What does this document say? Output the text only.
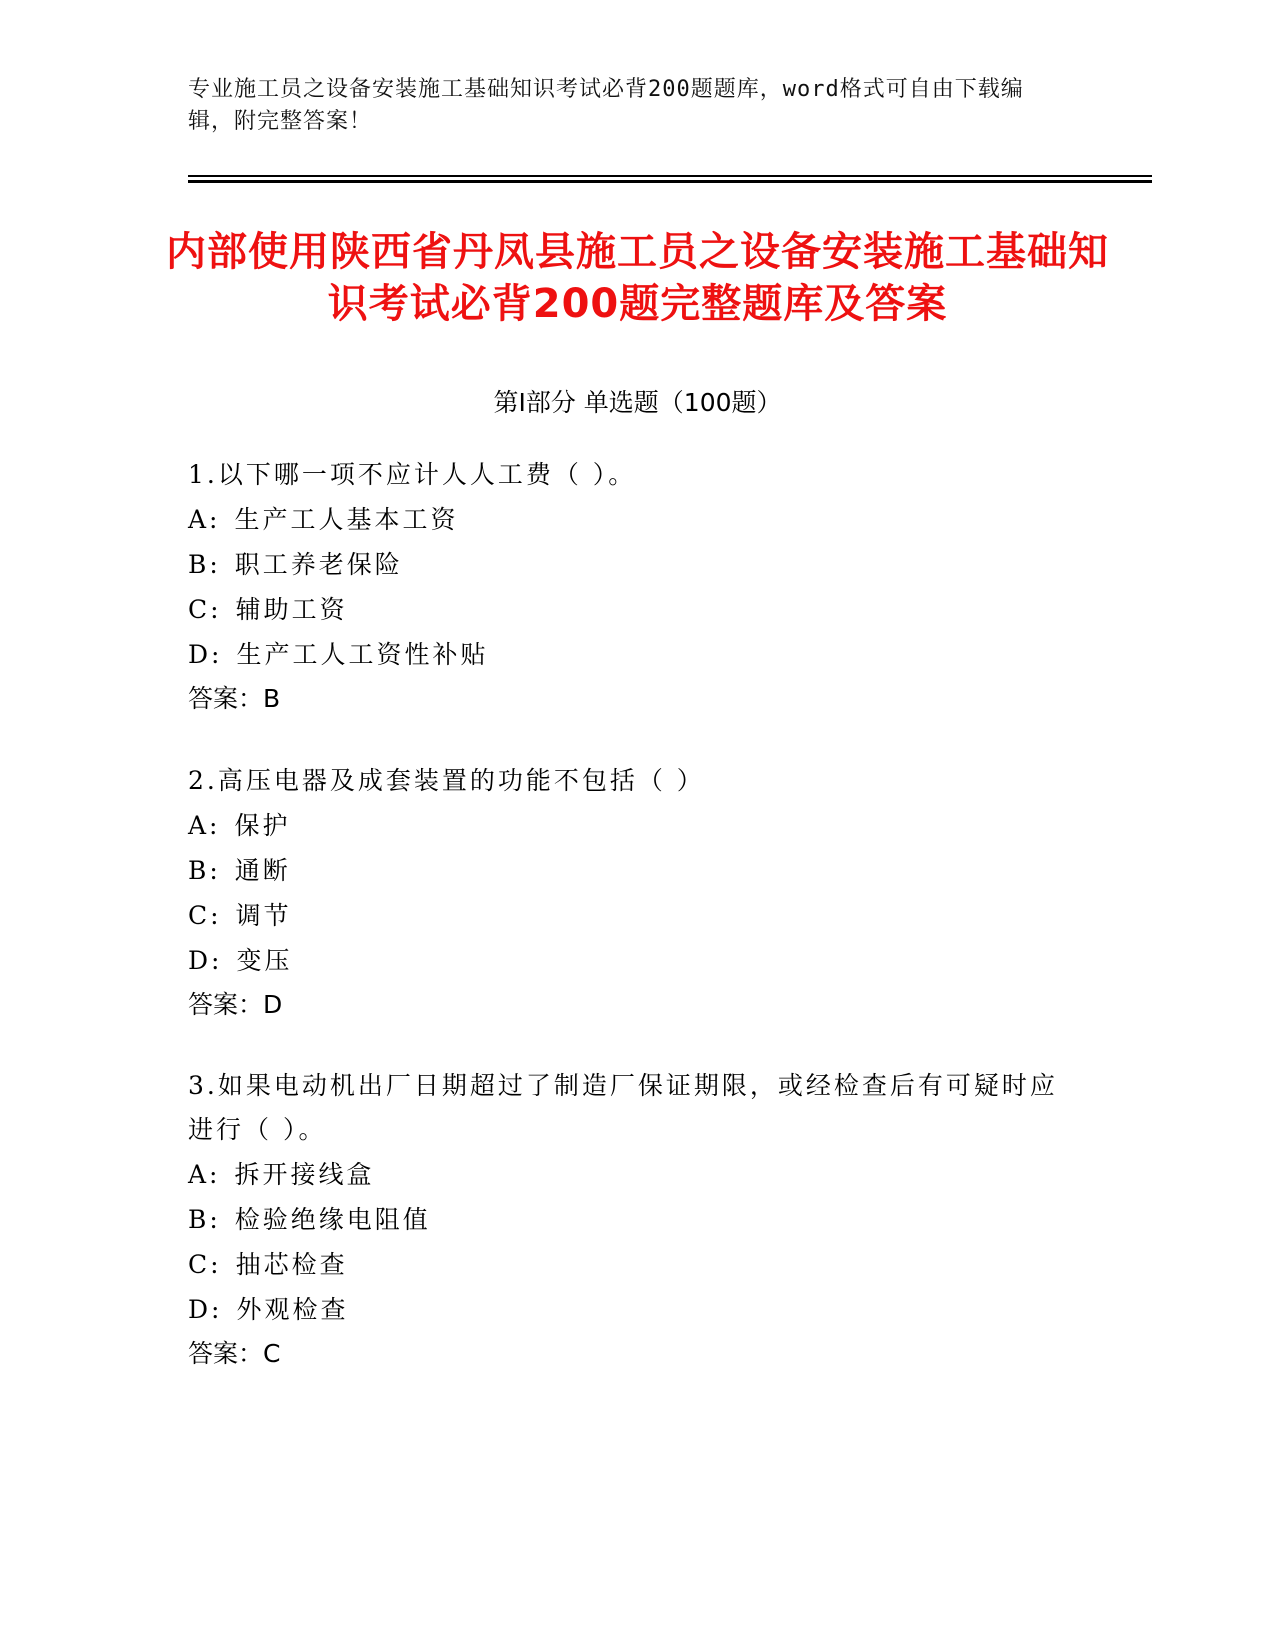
专业施工员之设备安装施工基础知识考试必背200题题库，word格式可自由下载编辑，附完整答案！
内部使用陕西省丹凤县施工员之设备安装施工基础知识考试必背200题完整题库及答案
第Ⅰ部分 单选题（100题）

1.以下哪一项不应计人人工费（ ）。

A: 生产工人基本工资
B: 职工养老保险
C: 辅助工资
D: 生产工人工资性补贴

答案：B

2.高压电器及成套装置的功能不包括（ ）

A: 保护
B: 通断
C: 调节
D: 变压

答案：D

3.如果电动机出厂日期超过了制造厂保证期限，或经检查后有可疑时应进行（ ）。

A: 拆开接线盒
B: 检验绝缘电阻值
C: 抽芯检查
D: 外观检查

答案：C
